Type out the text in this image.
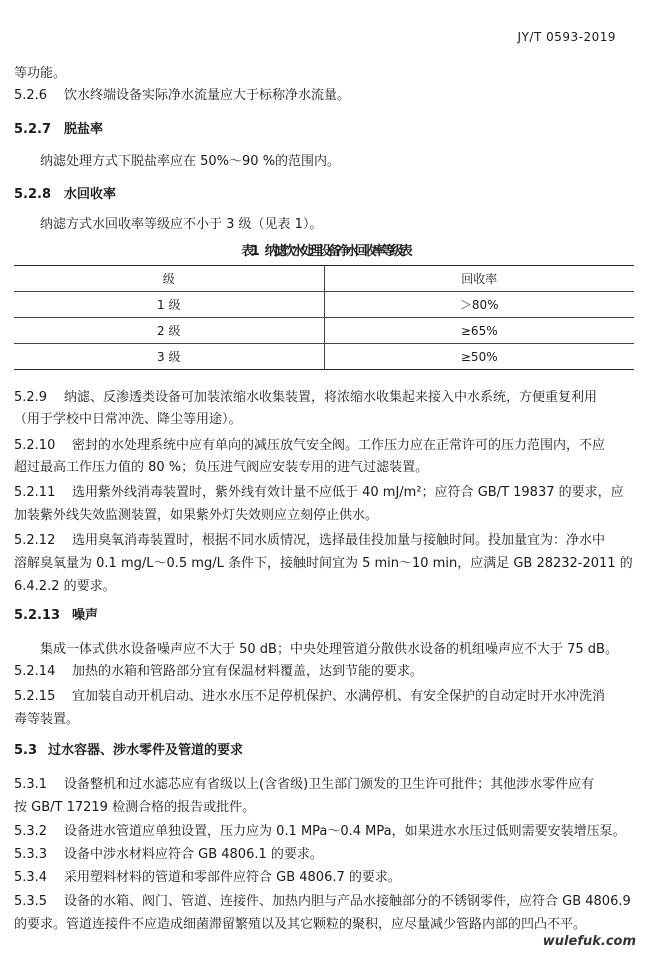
JY/T 0593-2019
等功能。
5.2.6 饮水终端设备实际净水流量应大于标称净水流量。
5.2.7 脱盐率
纳滤处理方式下脱盐率应在 50%～90 %的范围内。
5.2.8 水回收率
纳滤方式水回收率等级应不小于 3 级（见表 1）。
表 1　纳滤饮水处理设备净水回收率等级表
级	回收率
1 级	＞80%
2 级	≥65%
3 级	≥50%
5.2.9 纳滤、反渗透类设备可加装浓缩水收集装置，将浓缩水收集起来接入中水系统，方便重复利用
（用于学校中日常冲洗、降尘等用途）。
5.2.10 密封的水处理系统中应有单向的减压放气安全阀。工作压力应在正常许可的压力范围内，不应
超过最高工作压力值的 80 %；负压进气阀应安装专用的进气过滤装置。
5.2.11 选用紫外线消毒装置时，紫外线有效计量不应低于 40 mJ/m²；应符合 GB/T 19837 的要求，应
加装紫外线失效监测装置，如果紫外灯失效则应立刻停止供水。
5.2.12 选用臭氧消毒装置时，根据不同水质情况，选择最佳投加量与接触时间。投加量宜为：净水中
溶解臭氧量为 0.1 mg/L～0.5 mg/L 条件下，接触时间宜为 5 min～10 min，应满足 GB 28232-2011 的
6.4.2.2 的要求。
5.2.13 噪声
集成一体式供水设备噪声应不大于 50 dB；中央处理管道分散供水设备的机组噪声应不大于 75 dB。
5.2.14 加热的水箱和管路部分宜有保温材料覆盖，达到节能的要求。
5.2.15 宜加装自动开机启动、进水水压不足停机保护、水满停机、有安全保护的自动定时开水冲洗消
毒等装置。
5.3 过水容器、涉水零件及管道的要求
5.3.1 设备整机和过水滤芯应有省级以上(含省级)卫生部门颁发的卫生许可批件；其他涉水零件应有
按 GB/T 17219 检测合格的报告或批件。
5.3.2 设备进水管道应单独设置，压力应为 0.1 MPa～0.4 MPa，如果进水水压过低则需要安装增压泵。
5.3.3 设备中涉水材料应符合 GB 4806.1 的要求。
5.3.4 采用塑料材料的管道和零部件应符合 GB 4806.7 的要求。
5.3.5 设备的水箱、阀门、管道、连接件、加热内胆与产品水接触部分的不锈钢零件，应符合 GB 4806.9
的要求。管道连接件不应造成细菌滞留繁殖以及其它颗粒的聚积，应尽量减少管路内部的凹凸不平。
wulefuk.com
